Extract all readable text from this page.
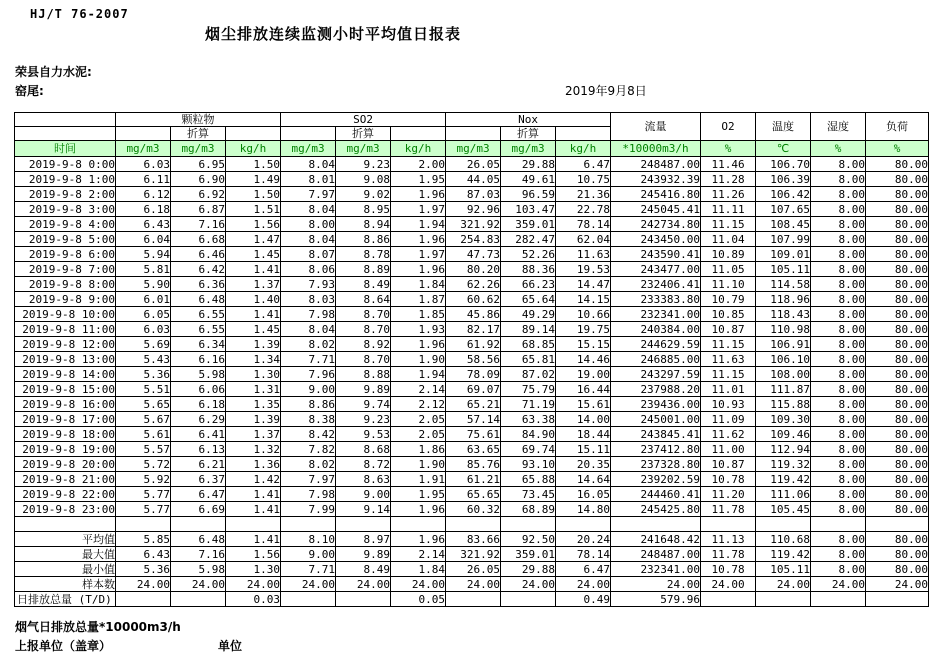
HJ/T 76-2007
烟尘排放连续监测小时平均值日报表
荣县自力水泥:
窑尾:	2019年9月8日
	颗粒物			SO2			Nox			流量	O2	温度	湿度	负荷
		折算			折算			折算						
时间	mg/m3	mg/m3	kg/h	mg/m3	mg/m3	kg/h	mg/m3	mg/m3	kg/h	*10000m3/h	%	℃	%	%
2019-9-8 0:00	6.03	6.95	1.50	8.04	9.23	2.00	26.05	29.88	6.47	248487.00	11.46	106.70	8.00	80.00
2019-9-8 1:00	6.11	6.90	1.49	8.01	9.08	1.95	44.05	49.61	10.75	243932.39	11.28	106.39	8.00	80.00
2019-9-8 2:00	6.12	6.92	1.50	7.97	9.02	1.96	87.03	96.59	21.36	245416.80	11.26	106.42	8.00	80.00
2019-9-8 3:00	6.18	6.87	1.51	8.04	8.95	1.97	92.96	103.47	22.78	245045.41	11.11	107.65	8.00	80.00
2019-9-8 4:00	6.43	7.16	1.56	8.00	8.94	1.94	321.92	359.01	78.14	242734.80	11.15	108.45	8.00	80.00
2019-9-8 5:00	6.04	6.68	1.47	8.04	8.86	1.96	254.83	282.47	62.04	243450.00	11.04	107.99	8.00	80.00
2019-9-8 6:00	5.94	6.46	1.45	8.07	8.78	1.97	47.73	52.26	11.63	243590.41	10.89	109.01	8.00	80.00
2019-9-8 7:00	5.81	6.42	1.41	8.06	8.89	1.96	80.20	88.36	19.53	243477.00	11.05	105.11	8.00	80.00
2019-9-8 8:00	5.90	6.36	1.37	7.93	8.49	1.84	62.26	66.23	14.47	232406.41	11.10	114.58	8.00	80.00
2019-9-8 9:00	6.01	6.48	1.40	8.03	8.64	1.87	60.62	65.64	14.15	233383.80	10.79	118.96	8.00	80.00
2019-9-8 10:00	6.05	6.55	1.41	7.98	8.70	1.85	45.86	49.29	10.66	232341.00	10.85	118.43	8.00	80.00
2019-9-8 11:00	6.03	6.55	1.45	8.04	8.70	1.93	82.17	89.14	19.75	240384.00	10.87	110.98	8.00	80.00
2019-9-8 12:00	5.69	6.34	1.39	8.02	8.92	1.96	61.92	68.85	15.15	244629.59	11.15	106.91	8.00	80.00
2019-9-8 13:00	5.43	6.16	1.34	7.71	8.70	1.90	58.56	65.81	14.46	246885.00	11.63	106.10	8.00	80.00
2019-9-8 14:00	5.36	5.98	1.30	7.96	8.88	1.94	78.09	87.02	19.00	243297.59	11.15	108.00	8.00	80.00
2019-9-8 15:00	5.51	6.06	1.31	9.00	9.89	2.14	69.07	75.79	16.44	237988.20	11.01	111.87	8.00	80.00
2019-9-8 16:00	5.65	6.18	1.35	8.86	9.74	2.12	65.21	71.19	15.61	239436.00	10.93	115.88	8.00	80.00
2019-9-8 17:00	5.67	6.29	1.39	8.38	9.23	2.05	57.14	63.38	14.00	245001.00	11.09	109.30	8.00	80.00
2019-9-8 18:00	5.61	6.41	1.37	8.42	9.53	2.05	75.61	84.90	18.44	243845.41	11.62	109.46	8.00	80.00
2019-9-8 19:00	5.57	6.13	1.32	7.82	8.68	1.86	63.65	69.74	15.11	237412.80	11.00	112.94	8.00	80.00
2019-9-8 20:00	5.72	6.21	1.36	8.02	8.72	1.90	85.76	93.10	20.35	237328.80	10.87	119.32	8.00	80.00
2019-9-8 21:00	5.92	6.37	1.42	7.97	8.63	1.91	61.21	65.88	14.64	239202.59	10.78	119.42	8.00	80.00
2019-9-8 22:00	5.77	6.47	1.41	7.98	9.00	1.95	65.65	73.45	16.05	244460.41	11.20	111.06	8.00	80.00
2019-9-8 23:00	5.77	6.69	1.41	7.99	9.14	1.96	60.32	68.89	14.80	245425.80	11.78	105.45	8.00	80.00

平均值	5.85	6.48	1.41	8.10	8.97	1.96	83.66	92.50	20.24	241648.42	11.13	110.68	8.00	80.00
最大值	6.43	7.16	1.56	9.00	9.89	2.14	321.92	359.01	78.14	248487.00	11.78	119.42	8.00	80.00
最小值	5.36	5.98	1.30	7.71	8.49	1.84	26.05	29.88	6.47	232341.00	10.78	105.11	8.00	80.00
样本数	24.00	24.00	24.00	24.00	24.00	24.00	24.00	24.00	24.00	24.00	24.00	24.00	24.00	24.00
日排放总量 (T/D)			0.03			0.05			0.49	579.96				
烟气日排放总量*10000m3/h
上报单位（盖章）	单位
